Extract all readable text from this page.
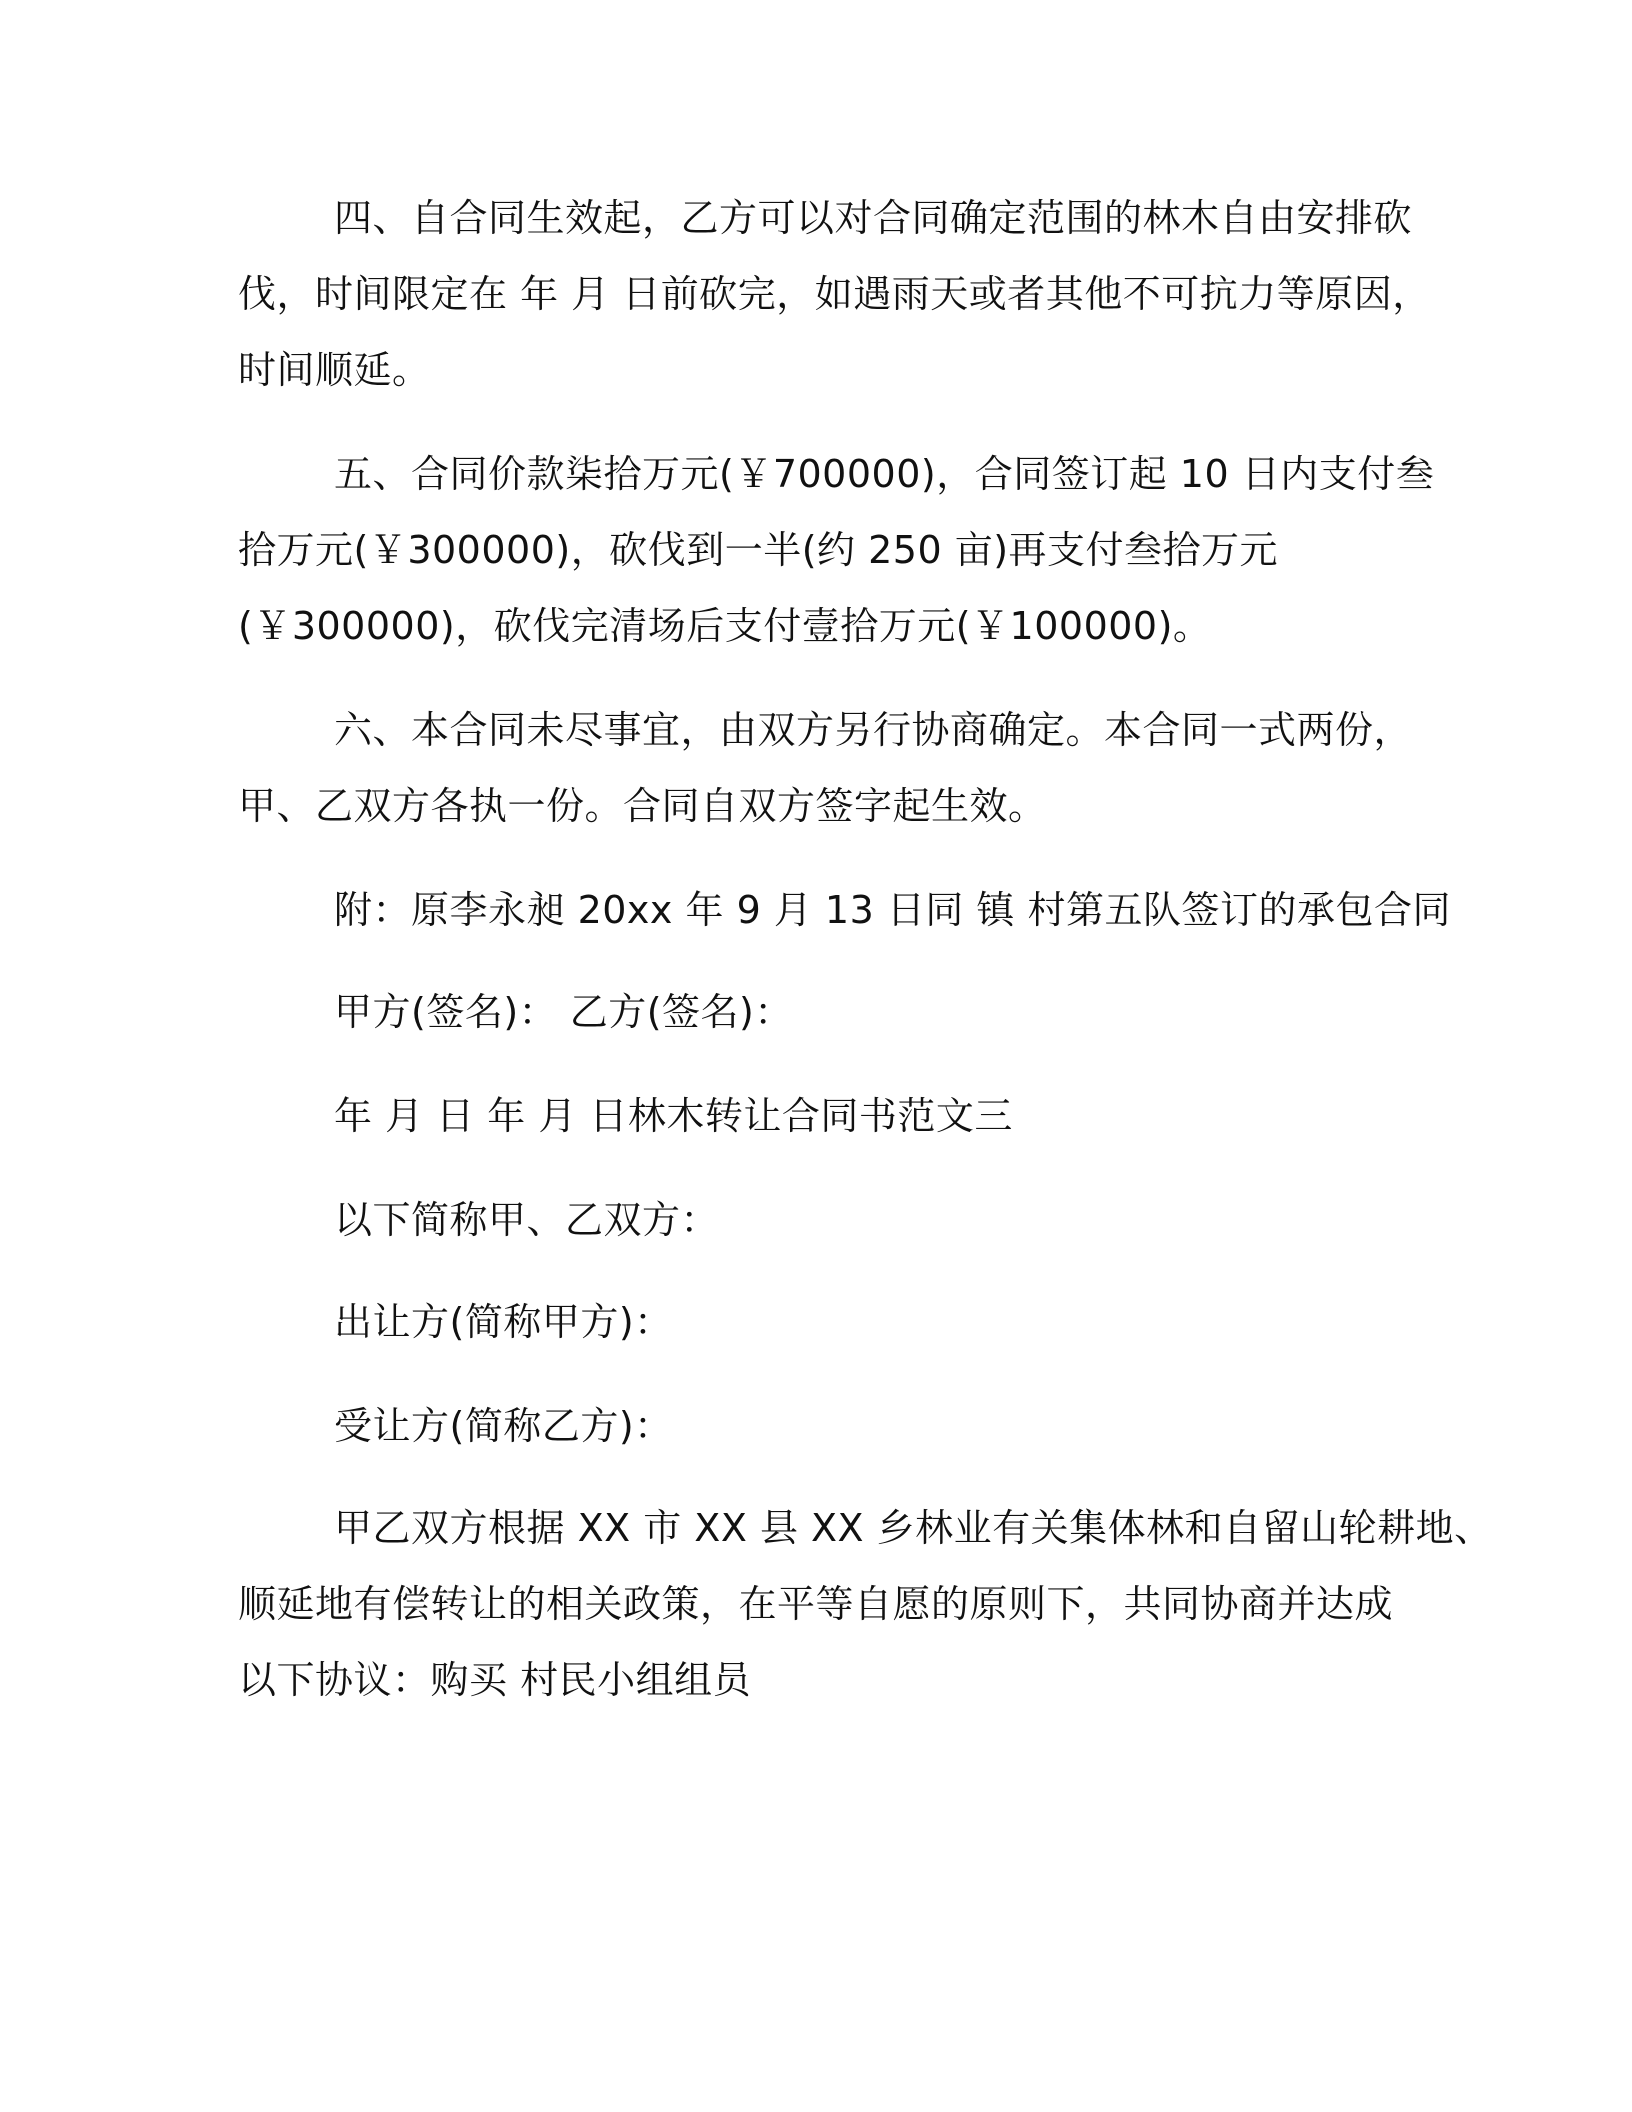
四、自合同生效起，乙方可以对合同确定范围的林木自由安排砍
伐，时间限定在 年 月 日前砍完，如遇雨天或者其他不可抗力等原因，
时间顺延。
五、合同价款柒拾万元(￥700000)，合同签订起 10 日内支付叁
拾万元(￥300000)，砍伐到一半(约 250 亩)再支付叁拾万元
(￥300000)，砍伐完清场后支付壹拾万元(￥100000)。
六、本合同未尽事宜，由双方另行协商确定。本合同一式两份，
甲、乙双方各执一份。合同自双方签字起生效。
附：原李永昶 20xx 年 9 月 13 日同 镇 村第五队签订的承包合同
甲方(签名)： 乙方(签名)：
年 月 日 年 月 日林木转让合同书范文三
以下简称甲、乙双方：
出让方(简称甲方)：
受让方(简称乙方)：
甲乙双方根据 XX 市 XX 县 XX 乡林业有关集体林和自留山轮耕地、
顺延地有偿转让的相关政策，在平等自愿的原则下，共同协商并达成
以下协议：购买 村民小组组员
